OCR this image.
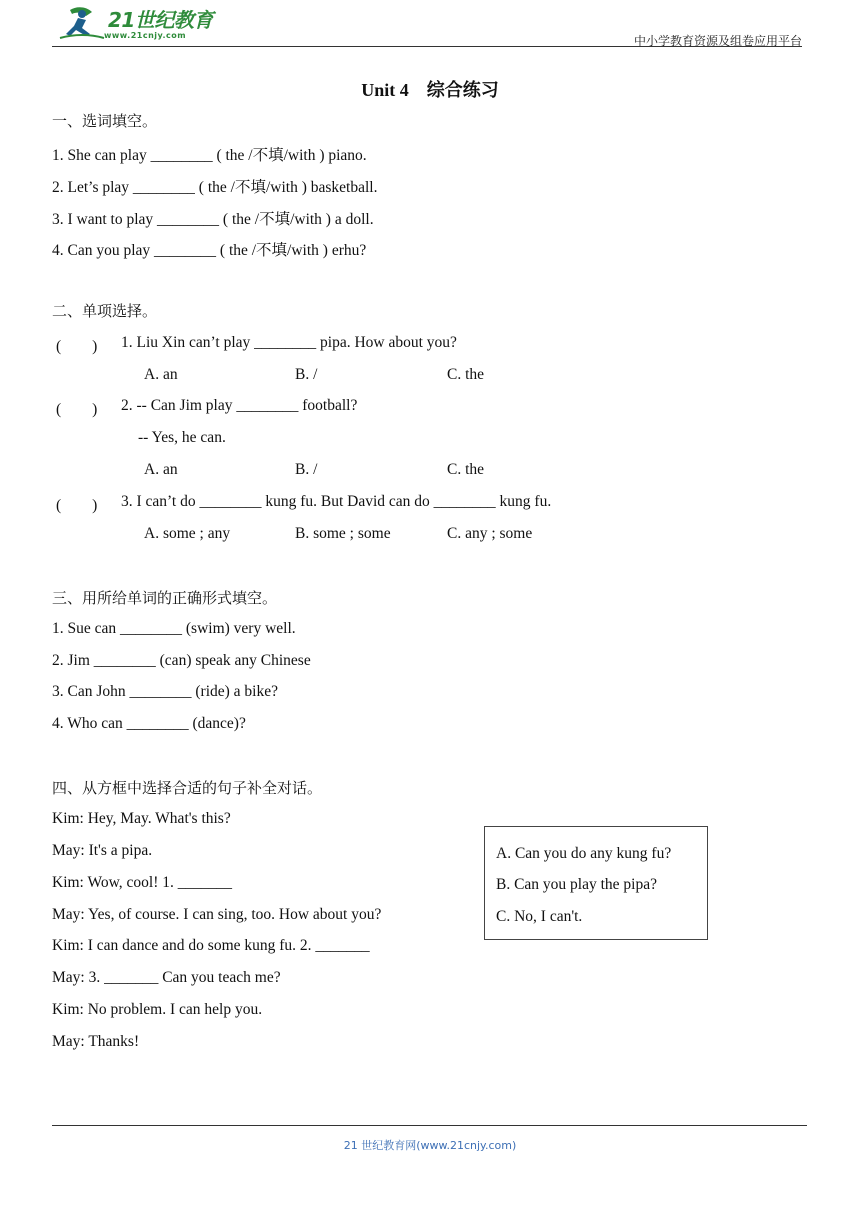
21世纪教育
www.21cnjy.com	中小学教育资源及组卷应用平台
Unit 4　综合练习
一、选词填空。
1. She can play ________ ( the /不填/with ) piano.
2. Let’s play ________ ( the /不填/with ) basketball.
3. I want to play ________ ( the /不填/with ) a doll.
4. Can you play ________ ( the /不填/with ) erhu?
二、单项选择。
(　　) 1. Liu Xin can’t play ________ pipa. How about you?
A. an	B. /	C. the
(　　) 2. -- Can Jim play ________ football?
-- Yes, he can.
A. an	B. /	C. the
(　　) 3. I can’t do ________ kung fu. But David can do ________ kung fu.
A. some ; any	B. some ; some	C. any ; some
三、用所给单词的正确形式填空。
1. Sue can ________ (swim) very well.
2. Jim ________ (can) speak any Chinese
3. Can John ________ (ride) a bike?
4. Who can ________ (dance)?
四、从方框中选择合适的句子补全对话。
Kim: Hey, May. What's this?
May: It's a pipa.
Kim: Wow, cool! 1. _______
May: Yes, of course. I can sing, too. How about you?
Kim: I can dance and do some kung fu. 2. _______
May: 3. _______ Can you teach me?
Kim: No problem. I can help you.
May: Thanks!
A. Can you do any kung fu?
B. Can you play the pipa?
C. No, I can't.
21 世纪教育网(www.21cnjy.com)
